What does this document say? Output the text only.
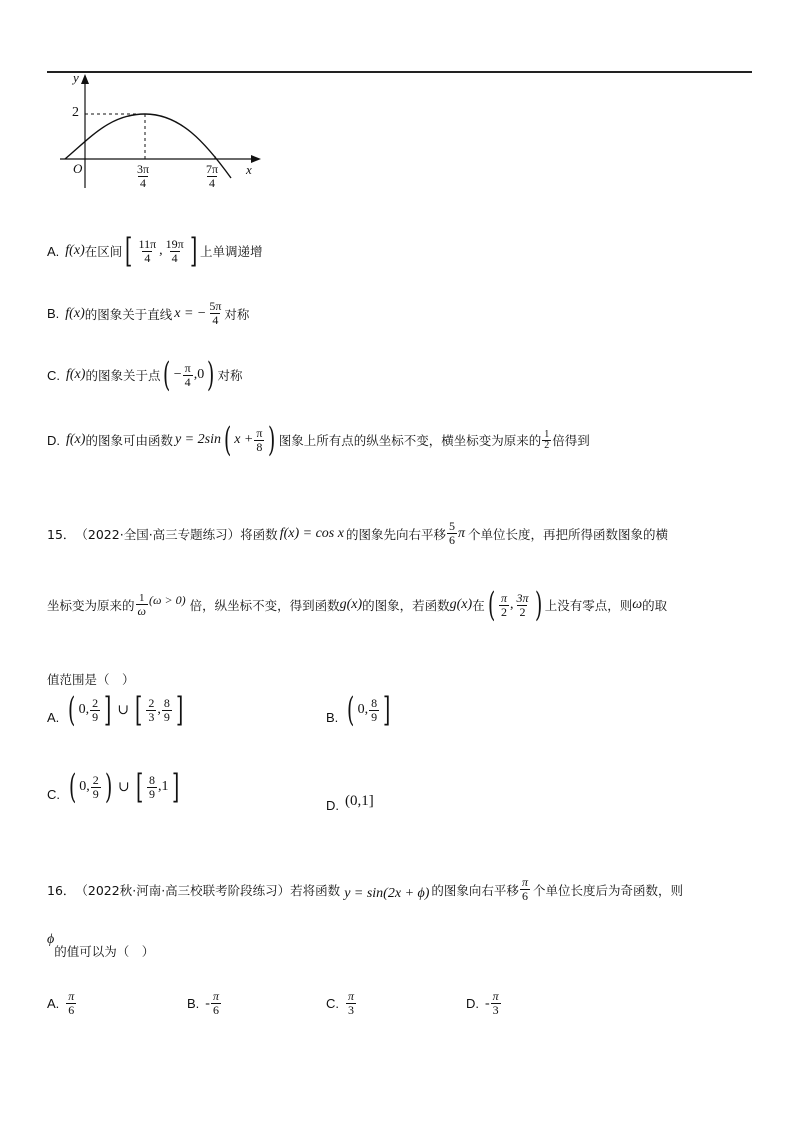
y
x
O
2
$\frac{3\pi}{4}$	$\frac{7\pi}{4}$
A. f(x) 在区间 [ $\frac{11\pi}{4}$ , $\frac{19\pi}{4}$ ] 上单调递增
B. f(x) 的图象关于直线 x = − $\frac{5\pi}{4}$ 对称
C. f(x) 的图象关于点 ( − $\frac{\pi}{4} ,0$ ) 对称
D. f(x) 的图象可由函数 y = 2sin ( $x + \frac{\pi}{8}$ ) 图象上所有点的纵坐标不变，横坐标变为原来的 $\frac{1}{2}$ 倍得到
15． （2022·全国·高三专题练习） 将函数 f(x) = cos x 的图象先向右平移 $\frac{5}{6}$ π 个单位长度，再把所得函数图象的横
坐标变为原来的 $\frac{1}{\omega} (\omega > 0)$ 倍，纵坐标不变，得到函数 g(x) 的图象，若函数 g(x) 在 ( $\frac{\pi}{2}$ , $\frac{3\pi}{2}$ ) 上没有零点，则 ω 的取
值范围是（　）
A. ( 0, $\frac{2}{9}$ ] ∪ [ $\frac{2}{3}$ , $\frac{8}{9}$ ]	B. ( 0, $\frac{8}{9}$ ]
C. ( 0, $\frac{2}{9}$ ) ∪ [ $\frac{8}{9} ,1$ ]	D. (0,1]
16． （2022秋·河南·高三校联考阶段练习） 若将函数 y = sin(2x + ϕ) 的图象向右平移 $\frac{\pi}{6}$ 个单位长度后为奇函数，则
ϕ
的值可以为（　）
A. $\frac{\pi}{6}$	B. - $\frac{\pi}{6}$	C. $\frac{\pi}{3}$	D. - $\frac{\pi}{3}$
